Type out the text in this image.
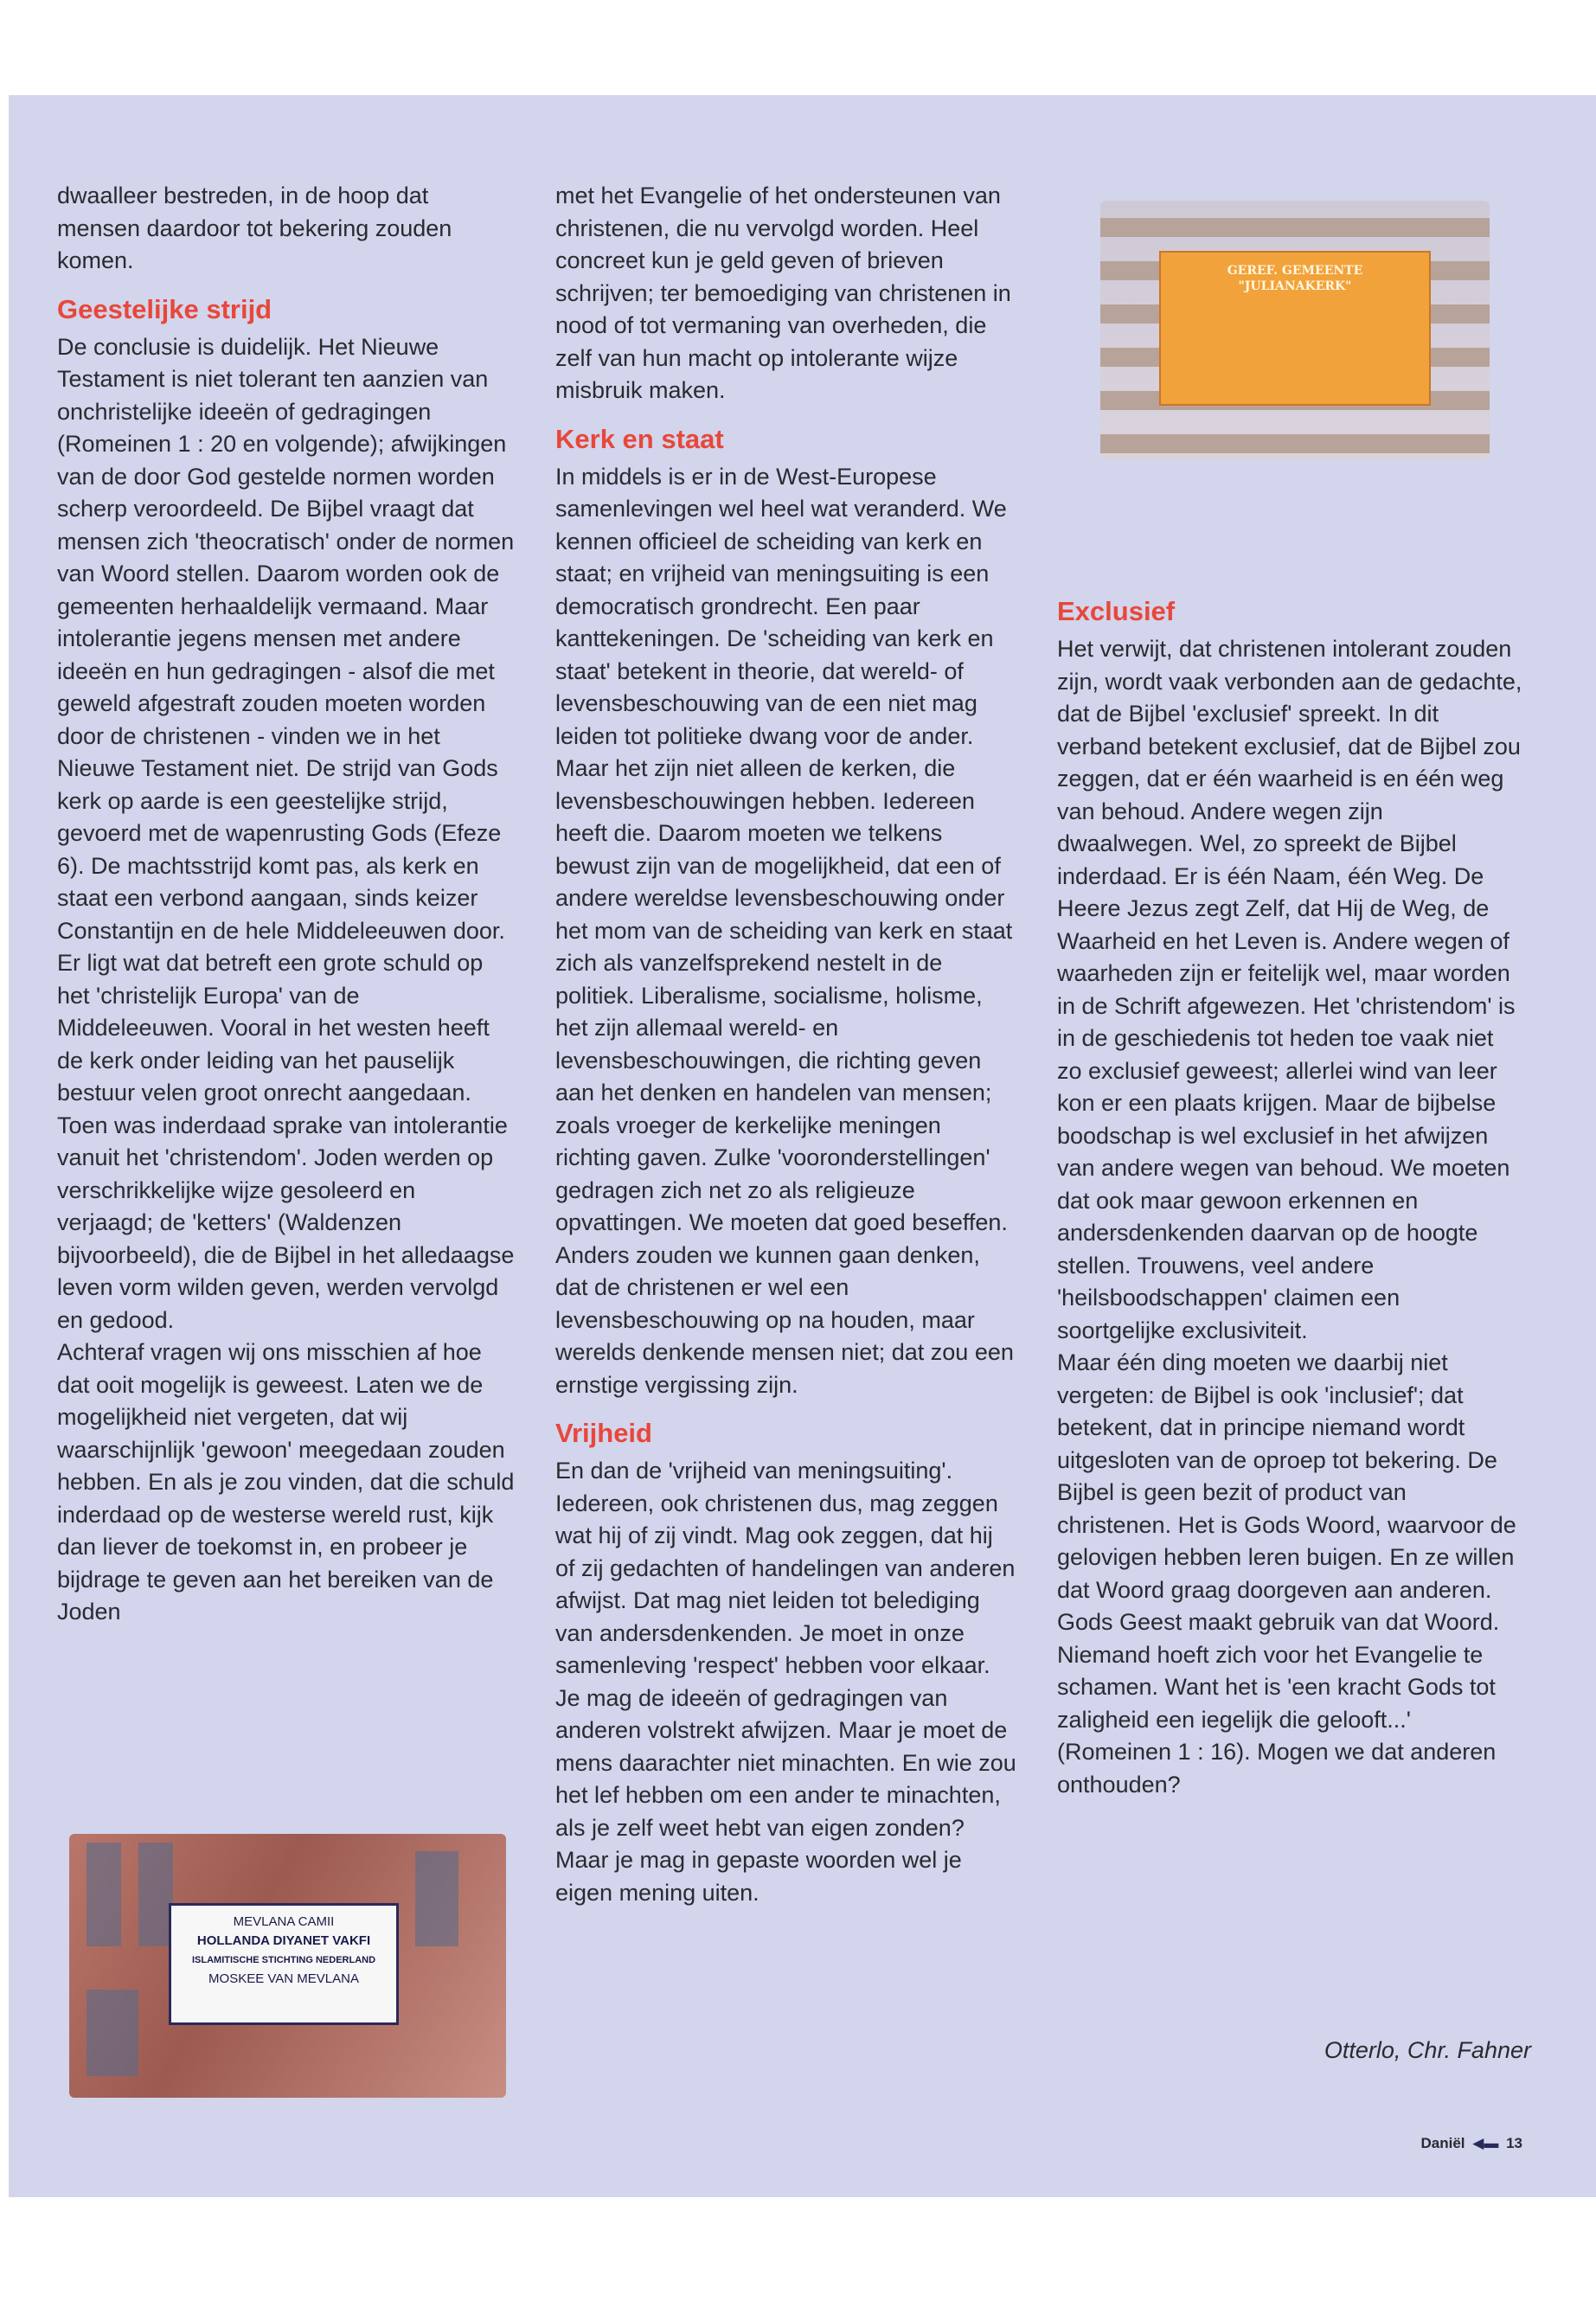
dwaalleer bestreden, in de hoop dat mensen daardoor tot bekering zouden komen.

Geestelijke strijd

De conclusie is duidelijk. Het Nieuwe Testament is niet tolerant ten aanzien van onchristelijke ideeën of gedragingen (Romeinen 1 : 20 en volgende); afwijkingen van de door God gestelde normen worden scherp veroordeeld. De Bijbel vraagt dat mensen zich 'theocratisch' onder de normen van Woord stellen. Daarom worden ook de gemeenten herhaaldelijk vermaand. Maar intolerantie jegens mensen met andere ideeën en hun gedragingen - alsof die met geweld afgestraft zouden moeten worden door de christenen - vinden we in het Nieuwe Testament niet. De strijd van Gods kerk op aarde is een geestelijke strijd, gevoerd met de wapenrusting Gods (Efeze 6). De machtsstrijd komt pas, als kerk en staat een verbond aangaan, sinds keizer Constantijn en de hele Middeleeuwen door.

Er ligt wat dat betreft een grote schuld op het 'christelijk Europa' van de Middeleeuwen. Vooral in het westen heeft de kerk onder leiding van het pauselijk bestuur velen groot onrecht aangedaan. Toen was inderdaad sprake van intolerantie vanuit het 'christendom'. Joden werden op verschrikkelijke wijze gesoleerd en verjaagd; de 'ketters' (Waldenzen bijvoorbeeld), die de Bijbel in het alledaagse leven vorm wilden geven, werden vervolgd en gedood.

Achteraf vragen wij ons misschien af hoe dat ooit mogelijk is geweest. Laten we de mogelijkheid niet vergeten, dat wij waarschijnlijk 'gewoon' meegedaan zouden hebben. En als je zou vinden, dat die schuld inderdaad op de westerse wereld rust, kijk dan liever de toekomst in, en probeer je bijdrage te geven aan het bereiken van de Joden

met het Evangelie of het ondersteunen van christenen, die nu vervolgd worden. Heel concreet kun je geld geven of brieven schrijven; ter bemoediging van christenen in nood of tot vermaning van overheden, die zelf van hun macht op intolerante wijze misbruik maken.

Kerk en staat

In middels is er in de West-Europese samenlevingen wel heel wat veranderd. We kennen officieel de scheiding van kerk en staat; en vrijheid van meningsuiting is een democratisch grondrecht. Een paar kanttekeningen. De 'scheiding van kerk en staat' betekent in theorie, dat wereld- of levensbeschouwing van de een niet mag leiden tot politieke dwang voor de ander. Maar het zijn niet alleen de kerken, die levensbeschouwingen hebben. Iedereen heeft die. Daarom moeten we telkens bewust zijn van de mogelijkheid, dat een of andere wereldse levensbeschouwing onder het mom van de scheiding van kerk en staat zich als vanzelfsprekend nestelt in de politiek. Liberalisme, socialisme, holisme, het zijn allemaal wereld- en levensbeschouwingen, die richting geven aan het denken en handelen van mensen; zoals vroeger de kerkelijke meningen richting gaven. Zulke 'vooronderstellingen' gedragen zich net zo als religieuze opvattingen. We moeten dat goed beseffen. Anders zouden we kunnen gaan denken, dat de christenen er wel een levensbeschouwing op na houden, maar werelds denkende mensen niet; dat zou een ernstige vergissing zijn.

Vrijheid

En dan de 'vrijheid van meningsuiting'. Iedereen, ook christenen dus, mag zeggen wat hij of zij vindt. Mag ook zeggen, dat hij of zij gedachten of handelingen van anderen afwijst. Dat mag niet leiden tot belediging van andersdenkenden. Je moet in onze samenleving 'respect' hebben voor elkaar. Je mag de ideeën of gedragingen van anderen volstrekt afwijzen. Maar je moet de mens daarachter niet minachten. En wie zou het lef hebben om een ander te minachten, als je zelf weet hebt van eigen zonden? Maar je mag in gepaste woorden wel je eigen mening uiten.

Exclusief

Het verwijt, dat christenen intolerant zouden zijn, wordt vaak verbonden aan de gedachte, dat de Bijbel 'exclusief' spreekt. In dit verband betekent exclusief, dat de Bijbel zou zeggen, dat er één waarheid is en één weg van behoud. Andere wegen zijn dwaalwegen. Wel, zo spreekt de Bijbel inderdaad. Er is één Naam, één Weg. De Heere Jezus zegt Zelf, dat Hij de Weg, de Waarheid en het Leven is. Andere wegen of waarheden zijn er feitelijk wel, maar worden in de Schrift afgewezen. Het 'christendom' is in de geschiedenis tot heden toe vaak niet zo exclusief geweest; allerlei wind van leer kon er een plaats krijgen. Maar de bijbelse boodschap is wel exclusief in het afwijzen van andere wegen van behoud. We moeten dat ook maar gewoon erkennen en andersdenkenden daarvan op de hoogte stellen. Trouwens, veel andere 'heilsboodschappen' claimen een soortgelijke exclusiviteit.

Maar één ding moeten we daarbij niet vergeten: de Bijbel is ook 'inclusief'; dat betekent, dat in principe niemand wordt uitgesloten van de oproep tot bekering. De Bijbel is geen bezit of product van christenen. Het is Gods Woord, waarvoor de gelovigen hebben leren buigen. En ze willen dat Woord graag doorgeven aan anderen. Gods Geest maakt gebruik van dat Woord. Niemand hoeft zich voor het Evangelie te schamen. Want het is 'een kracht Gods tot zaligheid een iegelijk die gelooft...' (Romeinen 1 : 16). Mogen we dat anderen onthouden?

GEREF. GEMEENTE
"JULIANAKERK"
MEVLANA CAMII
HOLLANDA DIYANET VAKFI
ISLAMITISCHE STICHTING NEDERLAND
MOSKEE VAN MEVLANA
Otterlo, Chr. Fahner
Daniël ◀▬ 13
